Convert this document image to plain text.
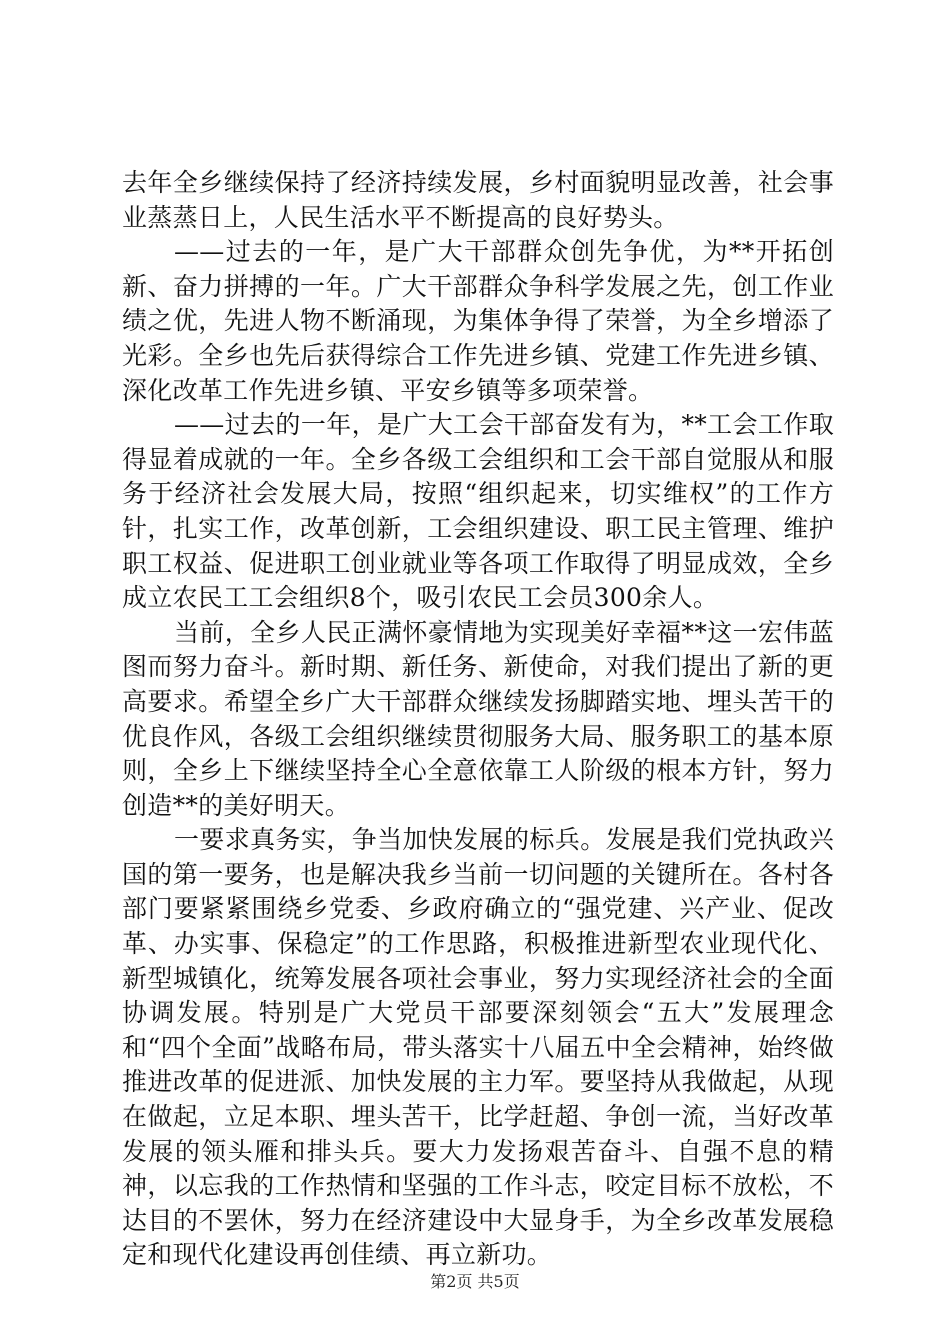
去年全乡继续保持了经济持续发展，乡村面貌明显改善，社会事业蒸蒸日上，人民生活水平不断提高的良好势头。

——过去的一年，是广大干部群众创先争优，为**开拓创新、奋力拼搏的一年。广大干部群众争科学发展之先，创工作业绩之优，先进人物不断涌现，为集体争得了荣誉，为全乡增添了光彩。全乡也先后获得综合工作先进乡镇、党建工作先进乡镇、深化改革工作先进乡镇、平安乡镇等多项荣誉。

——过去的一年，是广大工会干部奋发有为，**工会工作取得显着成就的一年。全乡各级工会组织和工会干部自觉服从和服务于经济社会发展大局，按照“组织起来，切实维权”的工作方针，扎实工作，改革创新，工会组织建设、职工民主管理、维护职工权益、促进职工创业就业等各项工作取得了明显成效，全乡成立农民工工会组织8个，吸引农民工会员300余人。

当前，全乡人民正满怀豪情地为实现美好幸福**这一宏伟蓝图而努力奋斗。新时期、新任务、新使命，对我们提出了新的更高要求。希望全乡广大干部群众继续发扬脚踏实地、埋头苦干的优良作风，各级工会组织继续贯彻服务大局、服务职工的基本原则，全乡上下继续坚持全心全意依靠工人阶级的根本方针，努力创造**的美好明天。

一要求真务实，争当加快发展的标兵。发展是我们党执政兴国的第一要务，也是解决我乡当前一切问题的关键所在。各村各部门要紧紧围绕乡党委、乡政府确立的“强党建、兴产业、促改革、办实事、保稳定”的工作思路，积极推进新型农业现代化、新型城镇化，统筹发展各项社会事业，努力实现经济社会的全面协调发展。特别是广大党员干部要深刻领会“五大”发展理念和“四个全面”战略布局，带头落实十八届五中全会精神，始终做推进改革的促进派、加快发展的主力军。要坚持从我做起，从现在做起，立足本职、埋头苦干，比学赶超、争创一流，当好改革发展的领头雁和排头兵。要大力发扬艰苦奋斗、自强不息的精神，以忘我的工作热情和坚强的工作斗志，咬定目标不放松，不达目的不罢休，努力在经济建设中大显身手，为全乡改革发展稳定和现代化建设再创佳绩、再立新功。

第2页 共5页
